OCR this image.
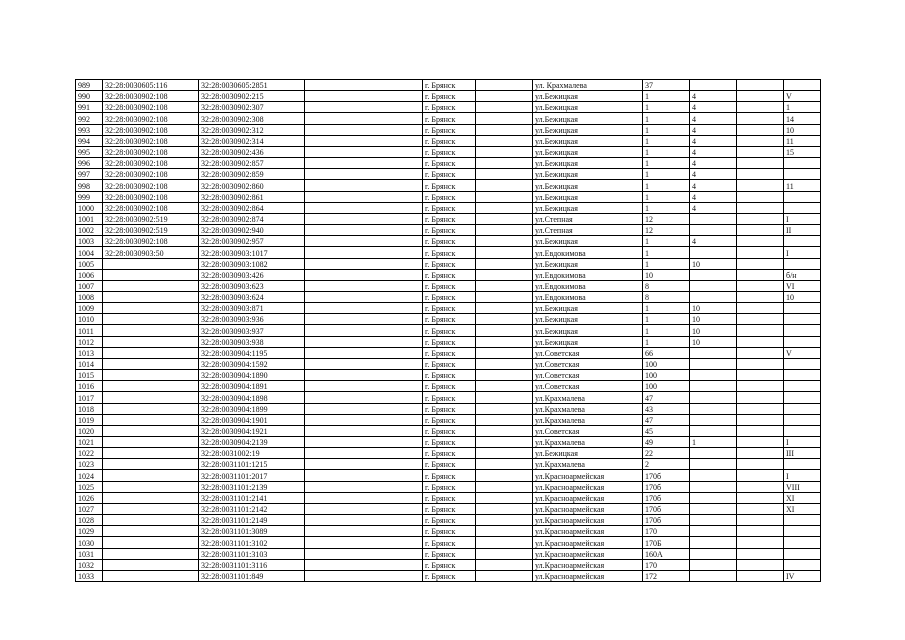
989	32:28:0030605:116	32:28:0030605:2851		г. Брянск		ул. Крахмалева	37			
990	32:28:0030902:108	32:28:0030902:215		г. Брянск		ул.Бежицкая	1	4		V
991	32:28:0030902:108	32:28:0030902:307		г. Брянск		ул.Бежицкая	1	4		1
992	32:28:0030902:108	32:28:0030902:308		г. Брянск		ул.Бежицкая	1	4		14
993	32:28:0030902:108	32:28:0030902:312		г. Брянск		ул.Бежицкая	1	4		10
994	32:28:0030902:108	32:28:0030902:314		г. Брянск		ул.Бежицкая	1	4		11
995	32:28:0030902:108	32:28:0030902:436		г. Брянск		ул.Бежицкая	1	4		15
996	32:28:0030902:108	32:28:0030902:857		г. Брянск		ул.Бежицкая	1	4		
997	32:28:0030902:108	32:28:0030902:859		г. Брянск		ул.Бежицкая	1	4		
998	32:28:0030902:108	32:28:0030902:860		г. Брянск		ул.Бежицкая	1	4		11
999	32:28:0030902:108	32:28:0030902:861		г. Брянск		ул.Бежицкая	1	4		
1000	32:28:0030902:108	32:28:0030902:864		г. Брянск		ул.Бежицкая	1	4		
1001	32:28:0030902:519	32:28:0030902:874		г. Брянск		ул.Степная	12			I
1002	32:28:0030902:519	32:28:0030902:940		г. Брянск		ул.Степная	12			II
1003	32:28:0030902:108	32:28:0030902:957		г. Брянск		ул.Бежицкая	1	4		
1004	32:28:0030903:50	32:28:0030903:1017		г. Брянск		ул.Евдокимова	1			I
1005		32:28:0030903:1082		г. Брянск		ул.Бежицкая	1	10		
1006		32:28:0030903:426		г. Брянск		ул.Евдокимова	10			б/н
1007		32:28:0030903:623		г. Брянск		ул.Евдокимова	8			VI
1008		32:28:0030903:624		г. Брянск		ул.Евдокимова	8			10
1009		32:28:0030903:871		г. Брянск		ул.Бежицкая	1	10		
1010		32:28:0030903:936		г. Брянск		ул.Бежицкая	1	10		
1011		32:28:0030903:937		г. Брянск		ул.Бежицкая	1	10		
1012		32:28:0030903:938		г. Брянск		ул.Бежицкая	1	10		
1013		32:28:0030904:1195		г. Брянск		ул.Советская	66			V
1014		32:28:0030904:1592		г. Брянск		ул.Советская	100			
1015		32:28:0030904:1890		г. Брянск		ул.Советская	100			
1016		32:28:0030904:1891		г. Брянск		ул.Советская	100			
1017		32:28:0030904:1898		г. Брянск		ул.Крахмалева	47			
1018		32:28:0030904:1899		г. Брянск		ул.Крахмалева	43			
1019		32:28:0030904:1901		г. Брянск		ул.Крахмалева	47			
1020		32:28:0030904:1921		г. Брянск		ул.Советская	45			
1021		32:28:0030904:2139		г. Брянск		ул.Крахмалева	49	1		I
1022		32:28:0031002:19		г. Брянск		ул.Бежицкая	22			III
1023		32:28:0031101:1215		г. Брянск		ул.Крахмалева	2			
1024		32:28:0031101:2017		г. Брянск		ул.Красноармейская	170б			I
1025		32:28:0031101:2139		г. Брянск		ул.Красноармейская	170б			VIII
1026		32:28:0031101:2141		г. Брянск		ул.Красноармейская	170б			XI
1027		32:28:0031101:2142		г. Брянск		ул.Красноармейская	170б			XI
1028		32:28:0031101:2149		г. Брянск		ул.Красноармейская	170б			
1029		32:28:0031101:3089		г. Брянск		ул.Красноармейская	170			
1030		32:28:0031101:3102		г. Брянск		ул.Красноармейская	170Б			
1031		32:28:0031101:3103		г. Брянск		ул.Красноармейская	160А			
1032		32:28:0031101:3116		г. Брянск		ул.Красноармейская	170			
1033		32:28:0031101:849		г. Брянск		ул.Красноармейская	172			IV
